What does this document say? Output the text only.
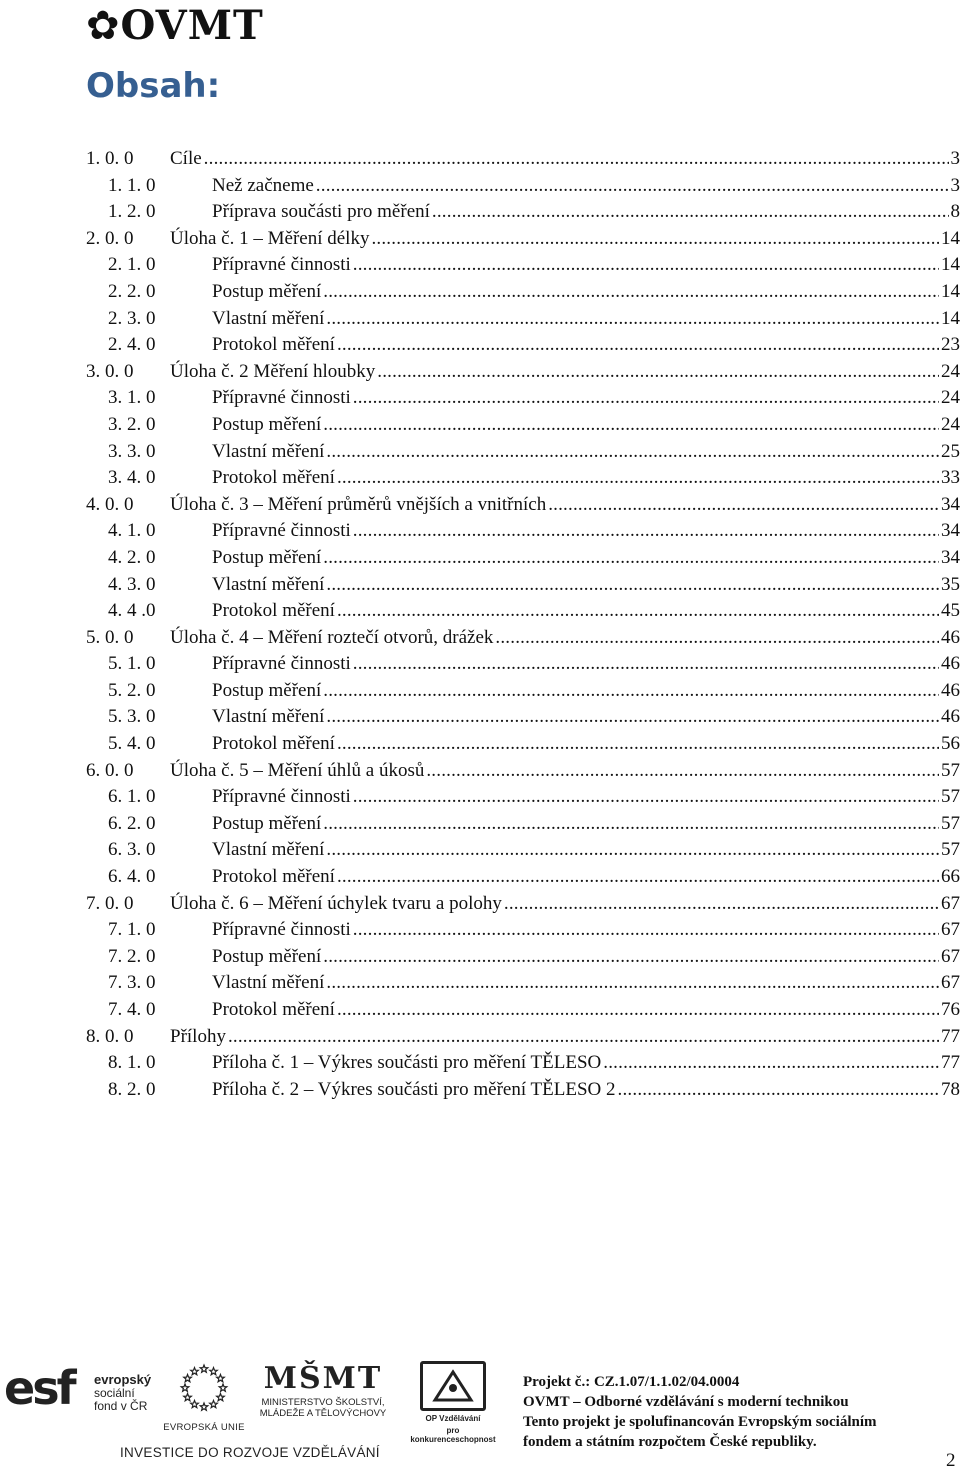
✿OVMT
Obsah:
1. 0. 0 Cíle .....	3
1. 1. 0	Než začneme .....	3
1. 2. 0	Příprava součásti pro měření .....	8
2. 0. 0 Úloha č. 1 – Měření délky .....	14
2. 1. 0	Přípravné činnosti .....	14
2. 2. 0	Postup měření .....	14
2. 3. 0	Vlastní měření .....	14
2. 4. 0	Protokol měření .....	23
3. 0. 0 Úloha č. 2 Měření hloubky .....	24
3. 1. 0	Přípravné činnosti .....	24
3. 2. 0	Postup měření .....	24
3. 3. 0	Vlastní měření .....	25
3. 4. 0	Protokol měření .....	33
4. 0. 0 Úloha č. 3 – Měření průměrů vnějších a vnitřních .....	34
4. 1. 0	Přípravné činnosti .....	34
4. 2. 0	Postup měření .....	34
4. 3. 0	Vlastní měření .....	35
4. 4 .0	Protokol měření .....	45
5. 0. 0 Úloha č. 4 – Měření roztečí otvorů, drážek .....	46
5. 1. 0	Přípravné činnosti .....	46
5. 2. 0	Postup měření .....	46
5. 3. 0	Vlastní měření .....	46
5. 4. 0	Protokol měření .....	56
6. 0. 0 Úloha č. 5 – Měření úhlů a úkosů .....	57
6. 1. 0	Přípravné činnosti .....	57
6. 2. 0	Postup měření .....	57
6. 3. 0	Vlastní měření .....	57
6. 4. 0	Protokol měření .....	66
7. 0. 0 Úloha č. 6 – Měření úchylek tvaru a polohy .....	67
7. 1. 0	Přípravné činnosti .....	67
7. 2. 0	Postup měření .....	67
7. 3. 0	Vlastní měření .....	67
7. 4. 0	Protokol měření .....	76
8. 0. 0 Přílohy .....	77
8. 1. 0	Příloha č. 1 – Výkres součásti pro měření TĚLESO .....	77
8. 2. 0	Příloha č. 2 – Výkres součásti pro měření TĚLESO 2 .....	78
esf evropský
sociální
fond v ČR
EVROPSKÁ UNIE
MŠMT
MINISTERSTVO ŠKOLSTVÍ,
MLÁDEŽE A TĚLOVÝCHOVY	OP Vzdělávání
pro konkurenceschopnost
INVESTICE DO ROZVOJE VZDĚLÁVÁNÍ
Projekt č.: CZ.1.07/1.1.02/04.0004
OVMT – Odborné vzdělávání s moderní technikou
Tento projekt je spolufinancován Evropským sociálním
fondem a státním rozpočtem České republiky.
2
